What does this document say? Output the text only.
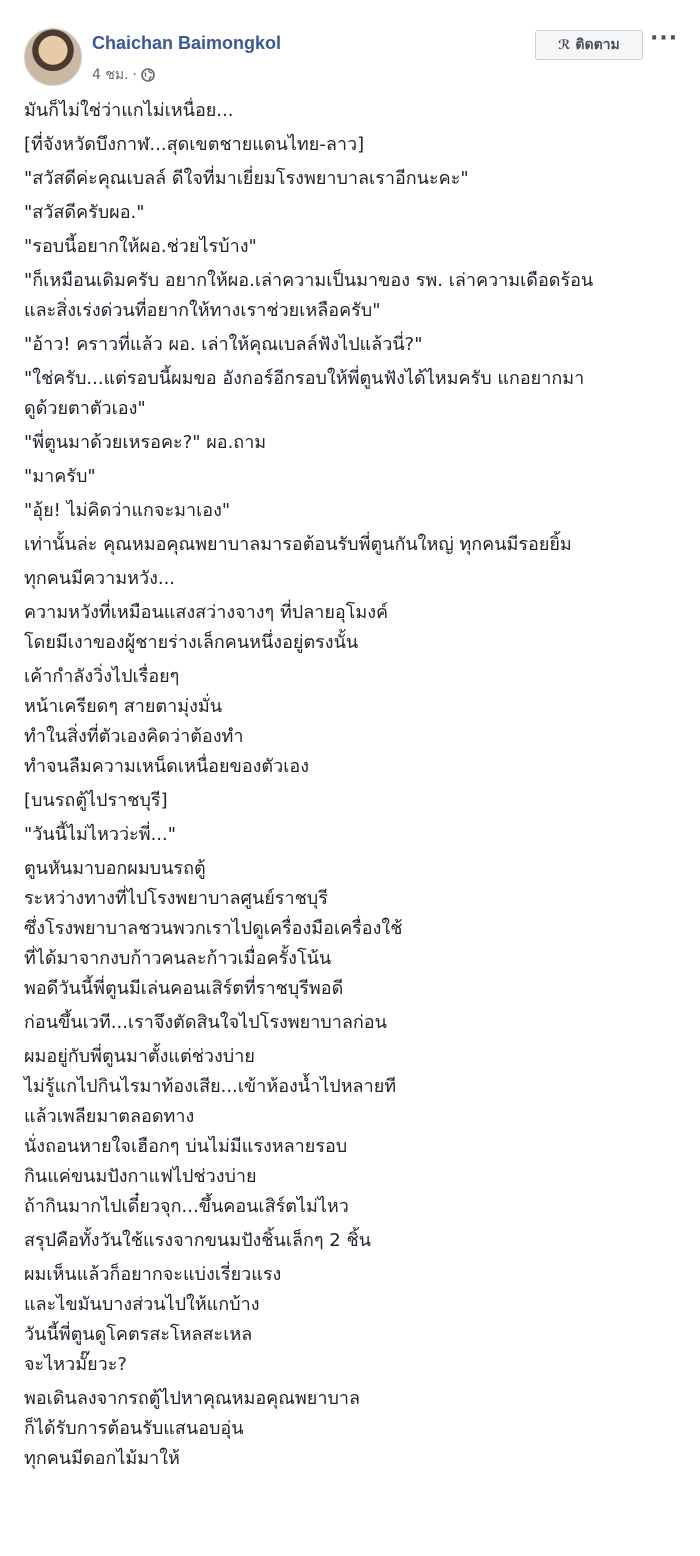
Chaichan Baimongkol
4 ชม. ·
ℛ ติดตาม ···
มันก็ไม่ใช่ว่าแกไม่เหนื่อย...
[ที่จังหวัดบึงกาฬ...สุดเขตชายแดนไทย-ลาว]
"สวัสดีค่ะคุณเบลล์ ดีใจที่มาเยี่ยมโรงพยาบาลเราอีกนะคะ"
"สวัสดีครับผอ."
"รอบนี้อยากให้ผอ.ช่วยไรบ้าง"
"ก็เหมือนเดิมครับ อยากให้ผอ.เล่าความเป็นมาของ รพ. เล่าความเดือดร้อน
และสิ่งเร่งด่วนที่อยากให้ทางเราช่วยเหลือครับ"
"อ้าว! คราวที่แล้ว ผอ. เล่าให้คุณเบลล์ฟังไปแล้วนี่?"
"ใช่ครับ...แต่รอบนี้ผมขอ อังกอร์อีกรอบให้พี่ตูนฟังได้ไหมครับ แกอยากมา
ดูด้วยตาตัวเอง"
"พี่ตูนมาด้วยเหรอคะ?" ผอ.ถาม
"มาครับ"
"อุ้ย! ไม่คิดว่าแกจะมาเอง"
เท่านั้นล่ะ คุณหมอคุณพยาบาลมารอต้อนรับพี่ตูนกันใหญ่ ทุกคนมีรอยยิ้ม
ทุกคนมีความหวัง...
ความหวังที่เหมือนแสงสว่างจางๆ ที่ปลายอุโมงค์
โดยมีเงาของผู้ชายร่างเล็กคนหนึ่งอยู่ตรงนั้น
เค้ากำลังวิ่งไปเรื่อยๆ
หน้าเครียดๆ สายตามุ่งมั่น
ทำในสิ่งที่ตัวเองคิดว่าต้องทำ
ทำจนลืมความเหน็ดเหนื่อยของตัวเอง
[บนรถตู้ไปราชบุรี]
"วันนี้ไม่ไหวว่ะพี่..."
ตูนหันมาบอกผมบนรถตู้
ระหว่างทางที่ไปโรงพยาบาลศูนย์ราชบุรี
ซึ่งโรงพยาบาลชวนพวกเราไปดูเครื่องมือเครื่องใช้
ที่ได้มาจากงบก้าวคนละก้าวเมื่อครั้งโน้น
พอดีวันนี้พี่ตูนมีเล่นคอนเสิร์ตที่ราชบุรีพอดี
ก่อนขึ้นเวที...เราจึงตัดสินใจไปโรงพยาบาลก่อน
ผมอยู่กับพี่ตูนมาตั้งแต่ช่วงบ่าย
ไม่รู้แกไปกินไรมาท้องเสีย...เข้าห้องน้ำไปหลายที
แล้วเพลียมาตลอดทาง
นั่งถอนหายใจเฮือกๆ บ่นไม่มีแรงหลายรอบ
กินแค่ขนมปังกาแฟไปช่วงบ่าย
ถ้ากินมากไปเดี๋ยวจุก...ขึ้นคอนเสิร์ตไม่ไหว
สรุปคือทั้งวันใช้แรงจากขนมปังชิ้นเล็กๆ 2 ชิ้น
ผมเห็นแล้วก็อยากจะแบ่งเรี่ยวแรง
และไขมันบางส่วนไปให้แกบ้าง
วันนี้พี่ตูนดูโคตรสะโหลสะเหล
จะไหวมั๊ยวะ?
พอเดินลงจากรถตู้ไปหาคุณหมอคุณพยาบาล
ก็ได้รับการต้อนรับแสนอบอุ่น
ทุกคนมีดอกไม้มาให้
